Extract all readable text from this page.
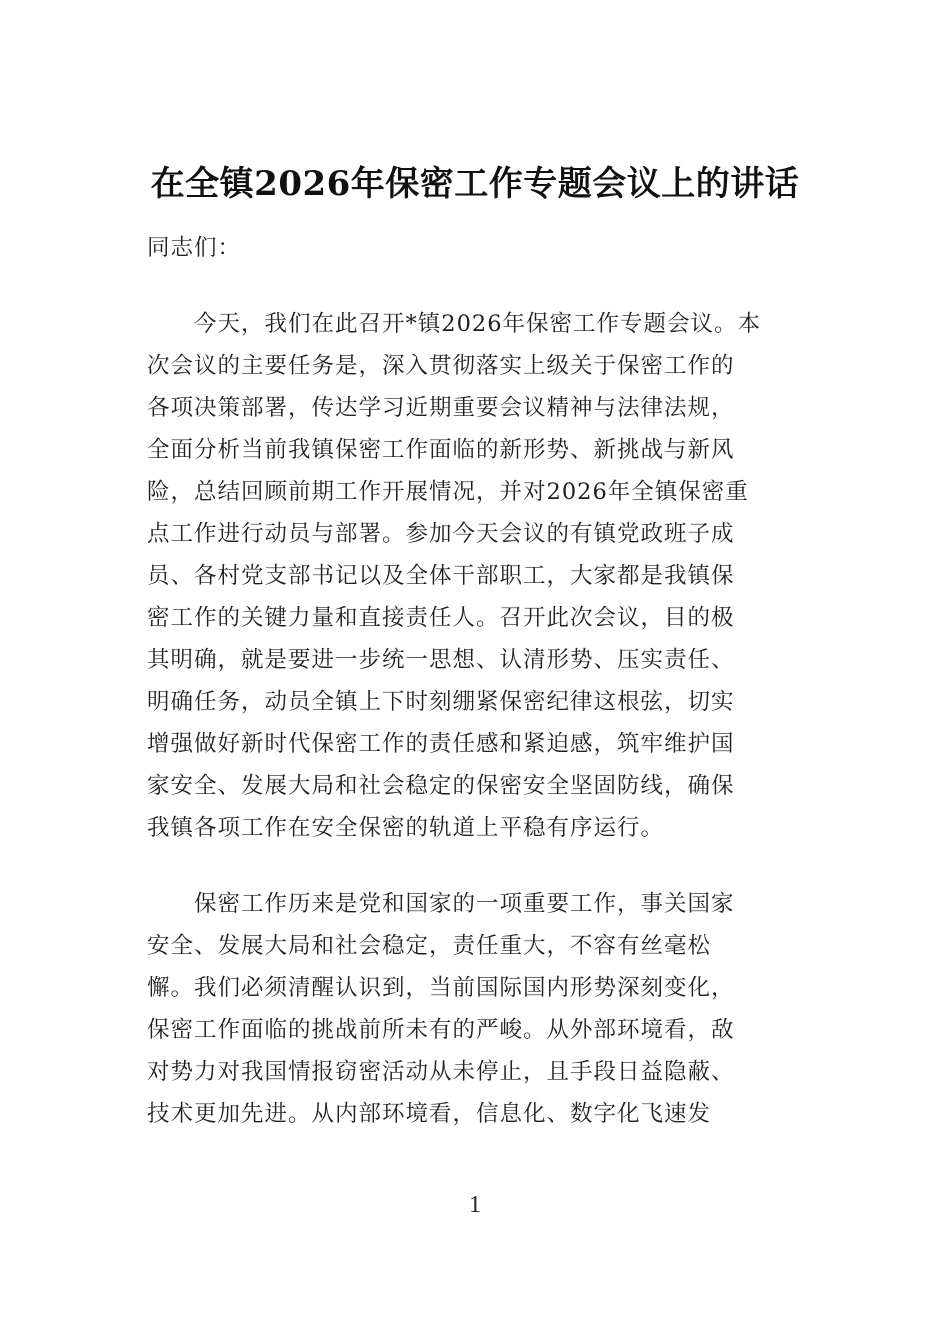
在全镇2026年保密工作专题会议上的讲话
同志们：
今天，我们在此召开*镇2026年保密工作专题会议。本
次会议的主要任务是，深入贯彻落实上级关于保密工作的
各项决策部署，传达学习近期重要会议精神与法律法规，
全面分析当前我镇保密工作面临的新形势、新挑战与新风
险，总结回顾前期工作开展情况，并对2026年全镇保密重
点工作进行动员与部署。参加今天会议的有镇党政班子成
员、各村党支部书记以及全体干部职工，大家都是我镇保
密工作的关键力量和直接责任人。召开此次会议，目的极
其明确，就是要进一步统一思想、认清形势、压实责任、
明确任务，动员全镇上下时刻绷紧保密纪律这根弦，切实
增强做好新时代保密工作的责任感和紧迫感，筑牢维护国
家安全、发展大局和社会稳定的保密安全坚固防线，确保
我镇各项工作在安全保密的轨道上平稳有序运行。
保密工作历来是党和国家的一项重要工作，事关国家
安全、发展大局和社会稳定，责任重大，不容有丝毫松
懈。我们必须清醒认识到，当前国际国内形势深刻变化，
保密工作面临的挑战前所未有的严峻。从外部环境看，敌
对势力对我国情报窃密活动从未停止，且手段日益隐蔽、
技术更加先进。从内部环境看，信息化、数字化飞速发
1
